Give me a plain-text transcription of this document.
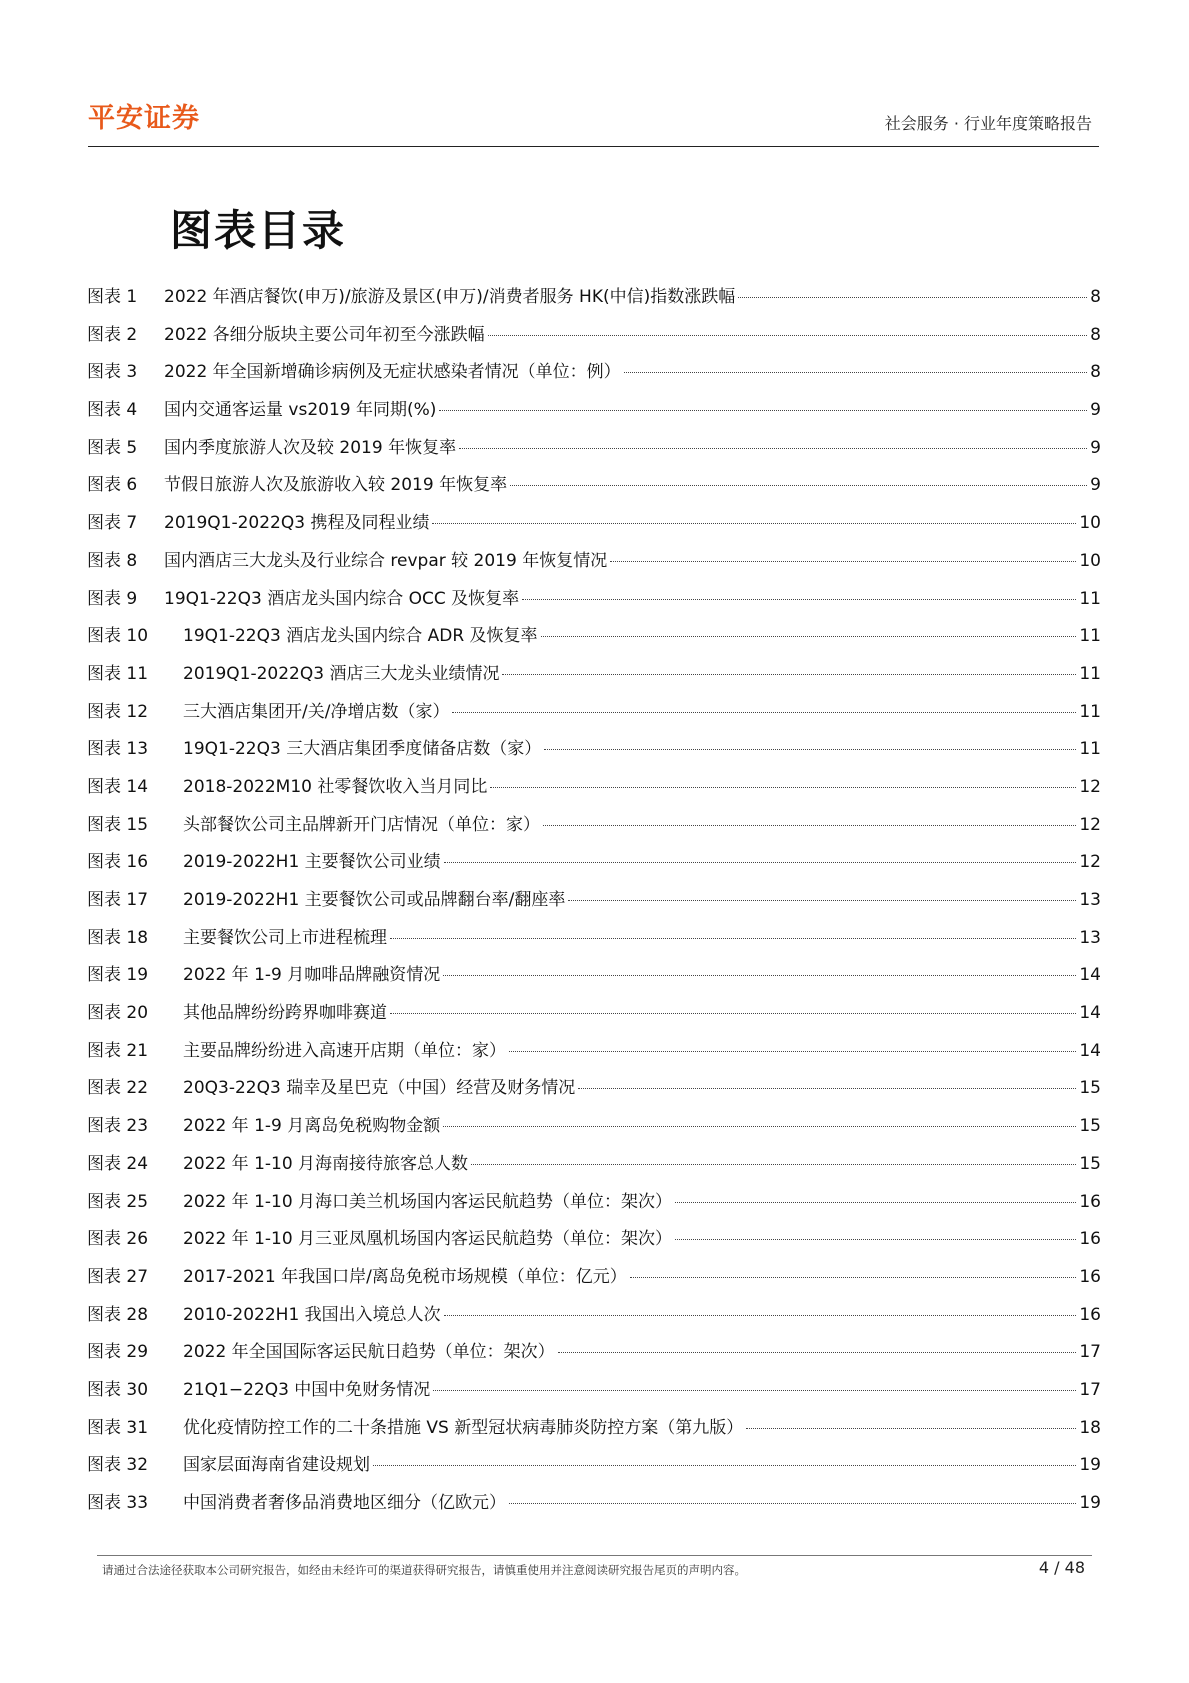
平安证券	社会服务 · 行业年度策略报告
图表目录
图表 1	2022 年酒店餐饮(申万)/旅游及景区(申万)/消费者服务 HK(中信)指数涨跌幅	8
图表 2	2022 各细分版块主要公司年初至今涨跌幅	8
图表 3	2022 年全国新增确诊病例及无症状感染者情况（单位：例）	8
图表 4	国内交通客运量 vs2019 年同期(%)	9
图表 5	国内季度旅游人次及较 2019 年恢复率	9
图表 6	节假日旅游人次及旅游收入较 2019 年恢复率	9
图表 7	2019Q1-2022Q3 携程及同程业绩	10
图表 8	国内酒店三大龙头及行业综合 revpar 较 2019 年恢复情况	10
图表 9	19Q1-22Q3 酒店龙头国内综合 OCC 及恢复率	11
图表 10	19Q1-22Q3 酒店龙头国内综合 ADR 及恢复率	11
图表 11	2019Q1-2022Q3 酒店三大龙头业绩情况	11
图表 12	三大酒店集团开/关/净增店数（家）	11
图表 13	19Q1-22Q3 三大酒店集团季度储备店数（家）	11
图表 14	2018-2022M10 社零餐饮收入当月同比	12
图表 15	头部餐饮公司主品牌新开门店情况（单位：家）	12
图表 16	2019-2022H1 主要餐饮公司业绩	12
图表 17	2019-2022H1 主要餐饮公司或品牌翻台率/翻座率	13
图表 18	主要餐饮公司上市进程梳理	13
图表 19	2022 年 1-9 月咖啡品牌融资情况	14
图表 20	其他品牌纷纷跨界咖啡赛道	14
图表 21	主要品牌纷纷进入高速开店期（单位：家）	14
图表 22	20Q3-22Q3 瑞幸及星巴克（中国）经营及财务情况	15
图表 23	2022 年 1-9 月离岛免税购物金额	15
图表 24	2022 年 1-10 月海南接待旅客总人数	15
图表 25	2022 年 1-10 月海口美兰机场国内客运民航趋势（单位：架次）	16
图表 26	2022 年 1-10 月三亚凤凰机场国内客运民航趋势（单位：架次）	16
图表 27	2017-2021 年我国口岸/离岛免税市场规模（单位：亿元）	16
图表 28	2010-2022H1 我国出入境总人次	16
图表 29	2022 年全国国际客运民航日趋势（单位：架次）	17
图表 30	21Q1−22Q3 中国中免财务情况	17
图表 31	优化疫情防控工作的二十条措施 VS 新型冠状病毒肺炎防控方案（第九版）	18
图表 32	国家层面海南省建设规划	19
图表 33	中国消费者奢侈品消费地区细分（亿欧元）	19
请通过合法途径获取本公司研究报告，如经由未经许可的渠道获得研究报告，请慎重使用并注意阅读研究报告尾页的声明内容。	4 / 48
